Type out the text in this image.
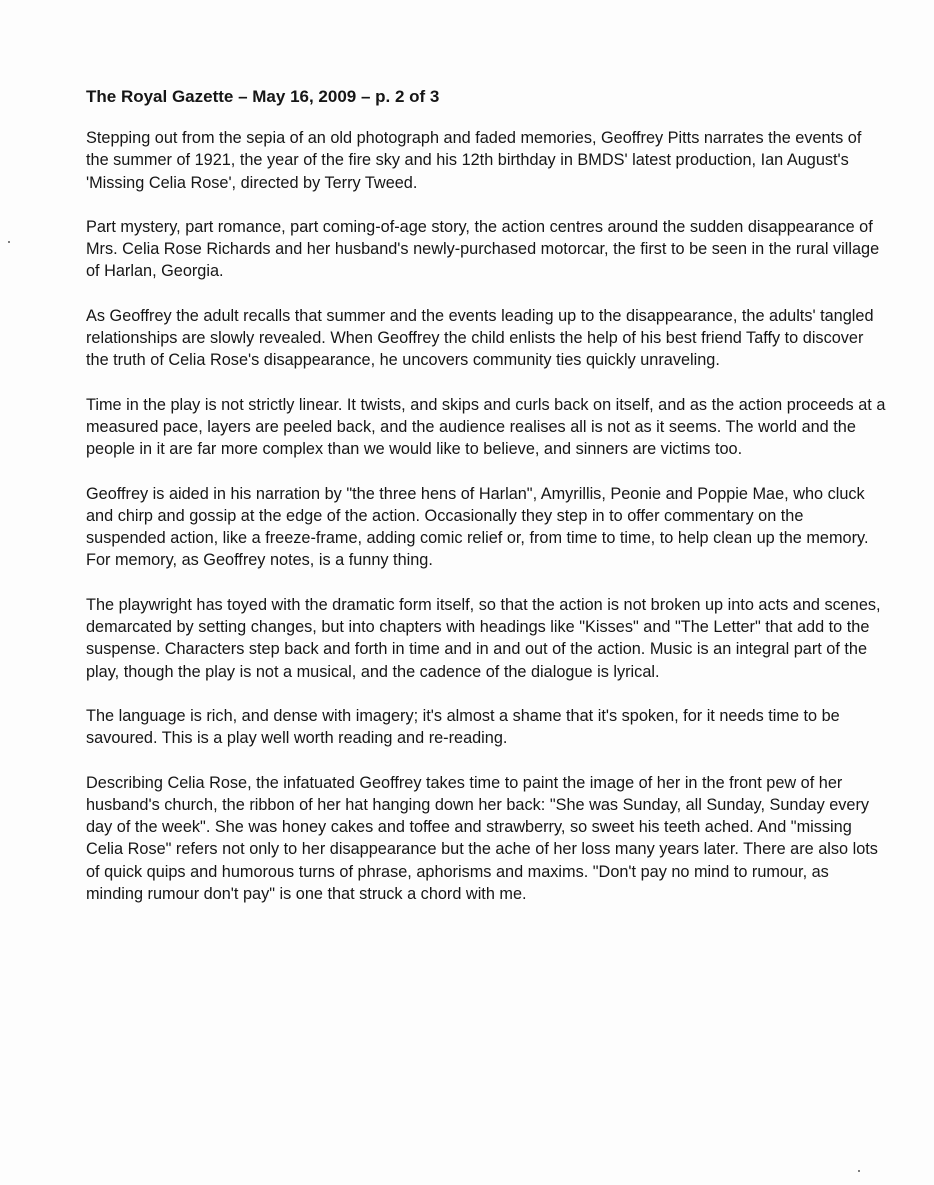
The Royal Gazette – May 16, 2009 – p. 2 of 3

Stepping out from the sepia of an old photograph and faded memories, Geoffrey Pitts narrates the events of the summer of 1921, the year of the fire sky and his 12th birthday in BMDS' latest production, Ian August's 'Missing Celia Rose', directed by Terry Tweed.

Part mystery, part romance, part coming-of-age story, the action centres around the sudden disappearance of Mrs. Celia Rose Richards and her husband's newly-purchased motorcar, the first to be seen in the rural village of Harlan, Georgia.

As Geoffrey the adult recalls that summer and the events leading up to the disappearance, the adults' tangled relationships are slowly revealed. When Geoffrey the child enlists the help of his best friend Taffy to discover the truth of Celia Rose's disappearance, he uncovers community ties quickly unraveling.

Time in the play is not strictly linear. It twists, and skips and curls back on itself, and as the action proceeds at a measured pace, layers are peeled back, and the audience realises all is not as it seems. The world and the people in it are far more complex than we would like to believe, and sinners are victims too.

Geoffrey is aided in his narration by "the three hens of Harlan", Amyrillis, Peonie and Poppie Mae, who cluck and chirp and gossip at the edge of the action. Occasionally they step in to offer commentary on the suspended action, like a freeze-frame, adding comic relief or, from time to time, to help clean up the memory. For memory, as Geoffrey notes, is a funny thing.

The playwright has toyed with the dramatic form itself, so that the action is not broken up into acts and scenes, demarcated by setting changes, but into chapters with headings like "Kisses" and "The Letter" that add to the suspense. Characters step back and forth in time and in and out of the action. Music is an integral part of the play, though the play is not a musical, and the cadence of the dialogue is lyrical.

The language is rich, and dense with imagery; it's almost a shame that it's spoken, for it needs time to be savoured. This is a play well worth reading and re-reading.

Describing Celia Rose, the infatuated Geoffrey takes time to paint the image of her in the front pew of her husband's church, the ribbon of her hat hanging down her back: "She was Sunday, all Sunday, Sunday every day of the week". She was honey cakes and toffee and strawberry, so sweet his teeth ached. And "missing Celia Rose" refers not only to her disappearance but the ache of her loss many years later. There are also lots of quick quips and humorous turns of phrase, aphorisms and maxims. "Don't pay no mind to rumour, as minding rumour don't pay" is one that struck a chord with me.
